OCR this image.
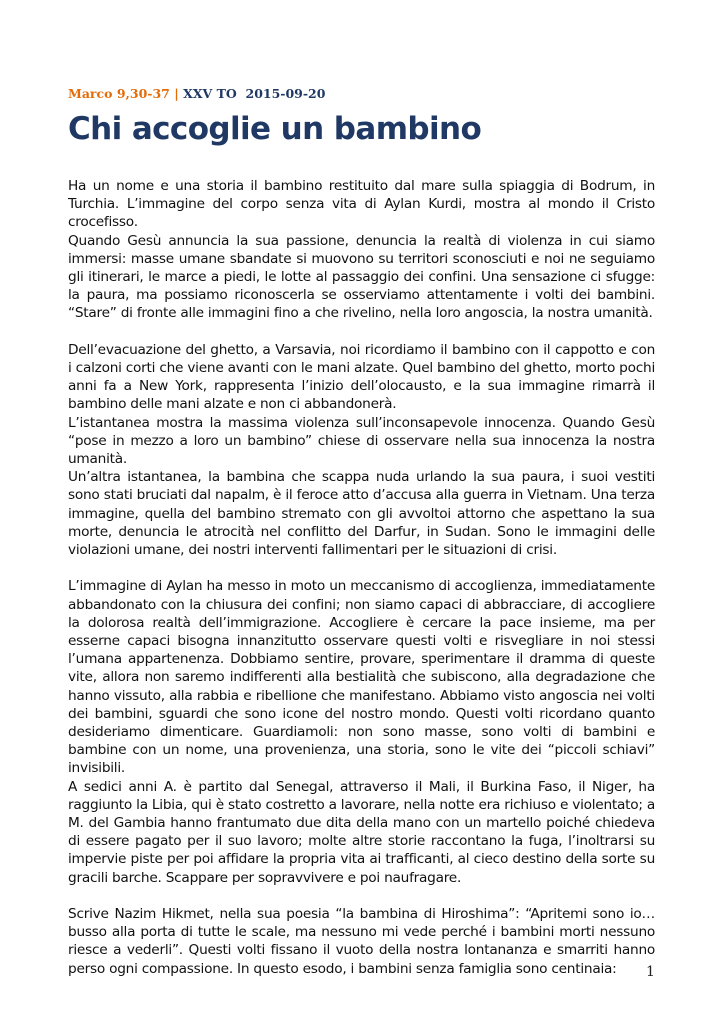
Marco 9,30-37 | XXV TO 2015-09-20
Chi accoglie un bambino

Ha un nome e una storia il bambino restituito dal mare sulla spiaggia di Bodrum, in Turchia. L’immagine del corpo senza vita di Aylan Kurdi, mostra al mondo il Cristo crocefisso.

Quando Gesù annuncia la sua passione, denuncia la realtà di violenza in cui siamo immersi: masse umane sbandate si muovono su territori sconosciuti e noi ne seguiamo gli itinerari, le marce a piedi, le lotte al passaggio dei confini. Una sensazione ci sfugge: la paura, ma possiamo riconoscerla se osserviamo attentamente i volti dei bambini. “Stare” di fronte alle immagini fino a che rivelino, nella loro angoscia, la nostra umanità.

Dell’evacuazione del ghetto, a Varsavia, noi ricordiamo il bambino con il cappotto e con i calzoni corti che viene avanti con le mani alzate. Quel bambino del ghetto, morto pochi anni fa a New York, rappresenta l’inizio dell’olocausto, e la sua immagine rimarrà il bambino delle mani alzate e non ci abbandonerà.

L’istantanea mostra la massima violenza sull’inconsapevole innocenza. Quando Gesù “pose in mezzo a loro un bambino” chiese di osservare nella sua innocenza la nostra umanità.

Un’altra istantanea, la bambina che scappa nuda urlando la sua paura, i suoi vestiti sono stati bruciati dal napalm, è il feroce atto d’accusa alla guerra in Vietnam. Una terza immagine, quella del bambino stremato con gli avvoltoi attorno che aspettano la sua morte, denuncia le atrocità nel conflitto del Darfur, in Sudan. Sono le immagini delle violazioni umane, dei nostri interventi fallimentari per le situazioni di crisi.

L’immagine di Aylan ha messo in moto un meccanismo di accoglienza, immediatamente abbandonato con la chiusura dei confini; non siamo capaci di abbracciare, di accogliere la dolorosa realtà dell’immigrazione. Accogliere è cercare la pace insieme, ma per esserne capaci bisogna innanzitutto osservare questi volti e risvegliare in noi stessi l’umana appartenenza. Dobbiamo sentire, provare, sperimentare il dramma di queste vite, allora non saremo indifferenti alla bestialità che subiscono, alla degradazione che hanno vissuto, alla rabbia e ribellione che manifestano. Abbiamo visto angoscia nei volti dei bambini, sguardi che sono icone del nostro mondo. Questi volti ricordano quanto desideriamo dimenticare. Guardiamoli: non sono masse, sono volti di bambini e bambine con un nome, una provenienza, una storia, sono le vite dei “piccoli schiavi” invisibili.

A sedici anni A. è partito dal Senegal, attraverso il Mali, il Burkina Faso, il Niger, ha raggiunto la Libia, qui è stato costretto a lavorare, nella notte era richiuso e violentato; a M. del Gambia hanno frantumato due dita della mano con un martello poiché chiedeva di essere pagato per il suo lavoro; molte altre storie raccontano la fuga, l’inoltrarsi su impervie piste per poi affidare la propria vita ai trafficanti, al cieco destino della sorte su gracili barche. Scappare per sopravvivere e poi naufragare.

Scrive Nazim Hikmet, nella sua poesia “la bambina di Hiroshima”: “Apritemi sono io… busso alla porta di tutte le scale, ma nessuno mi vede perché i bambini morti nessuno riesce a vederli”. Questi volti fissano il vuoto della nostra lontananza e smarriti hanno perso ogni compassione. In questo esodo, i bambini senza famiglia sono centinaia:	1
